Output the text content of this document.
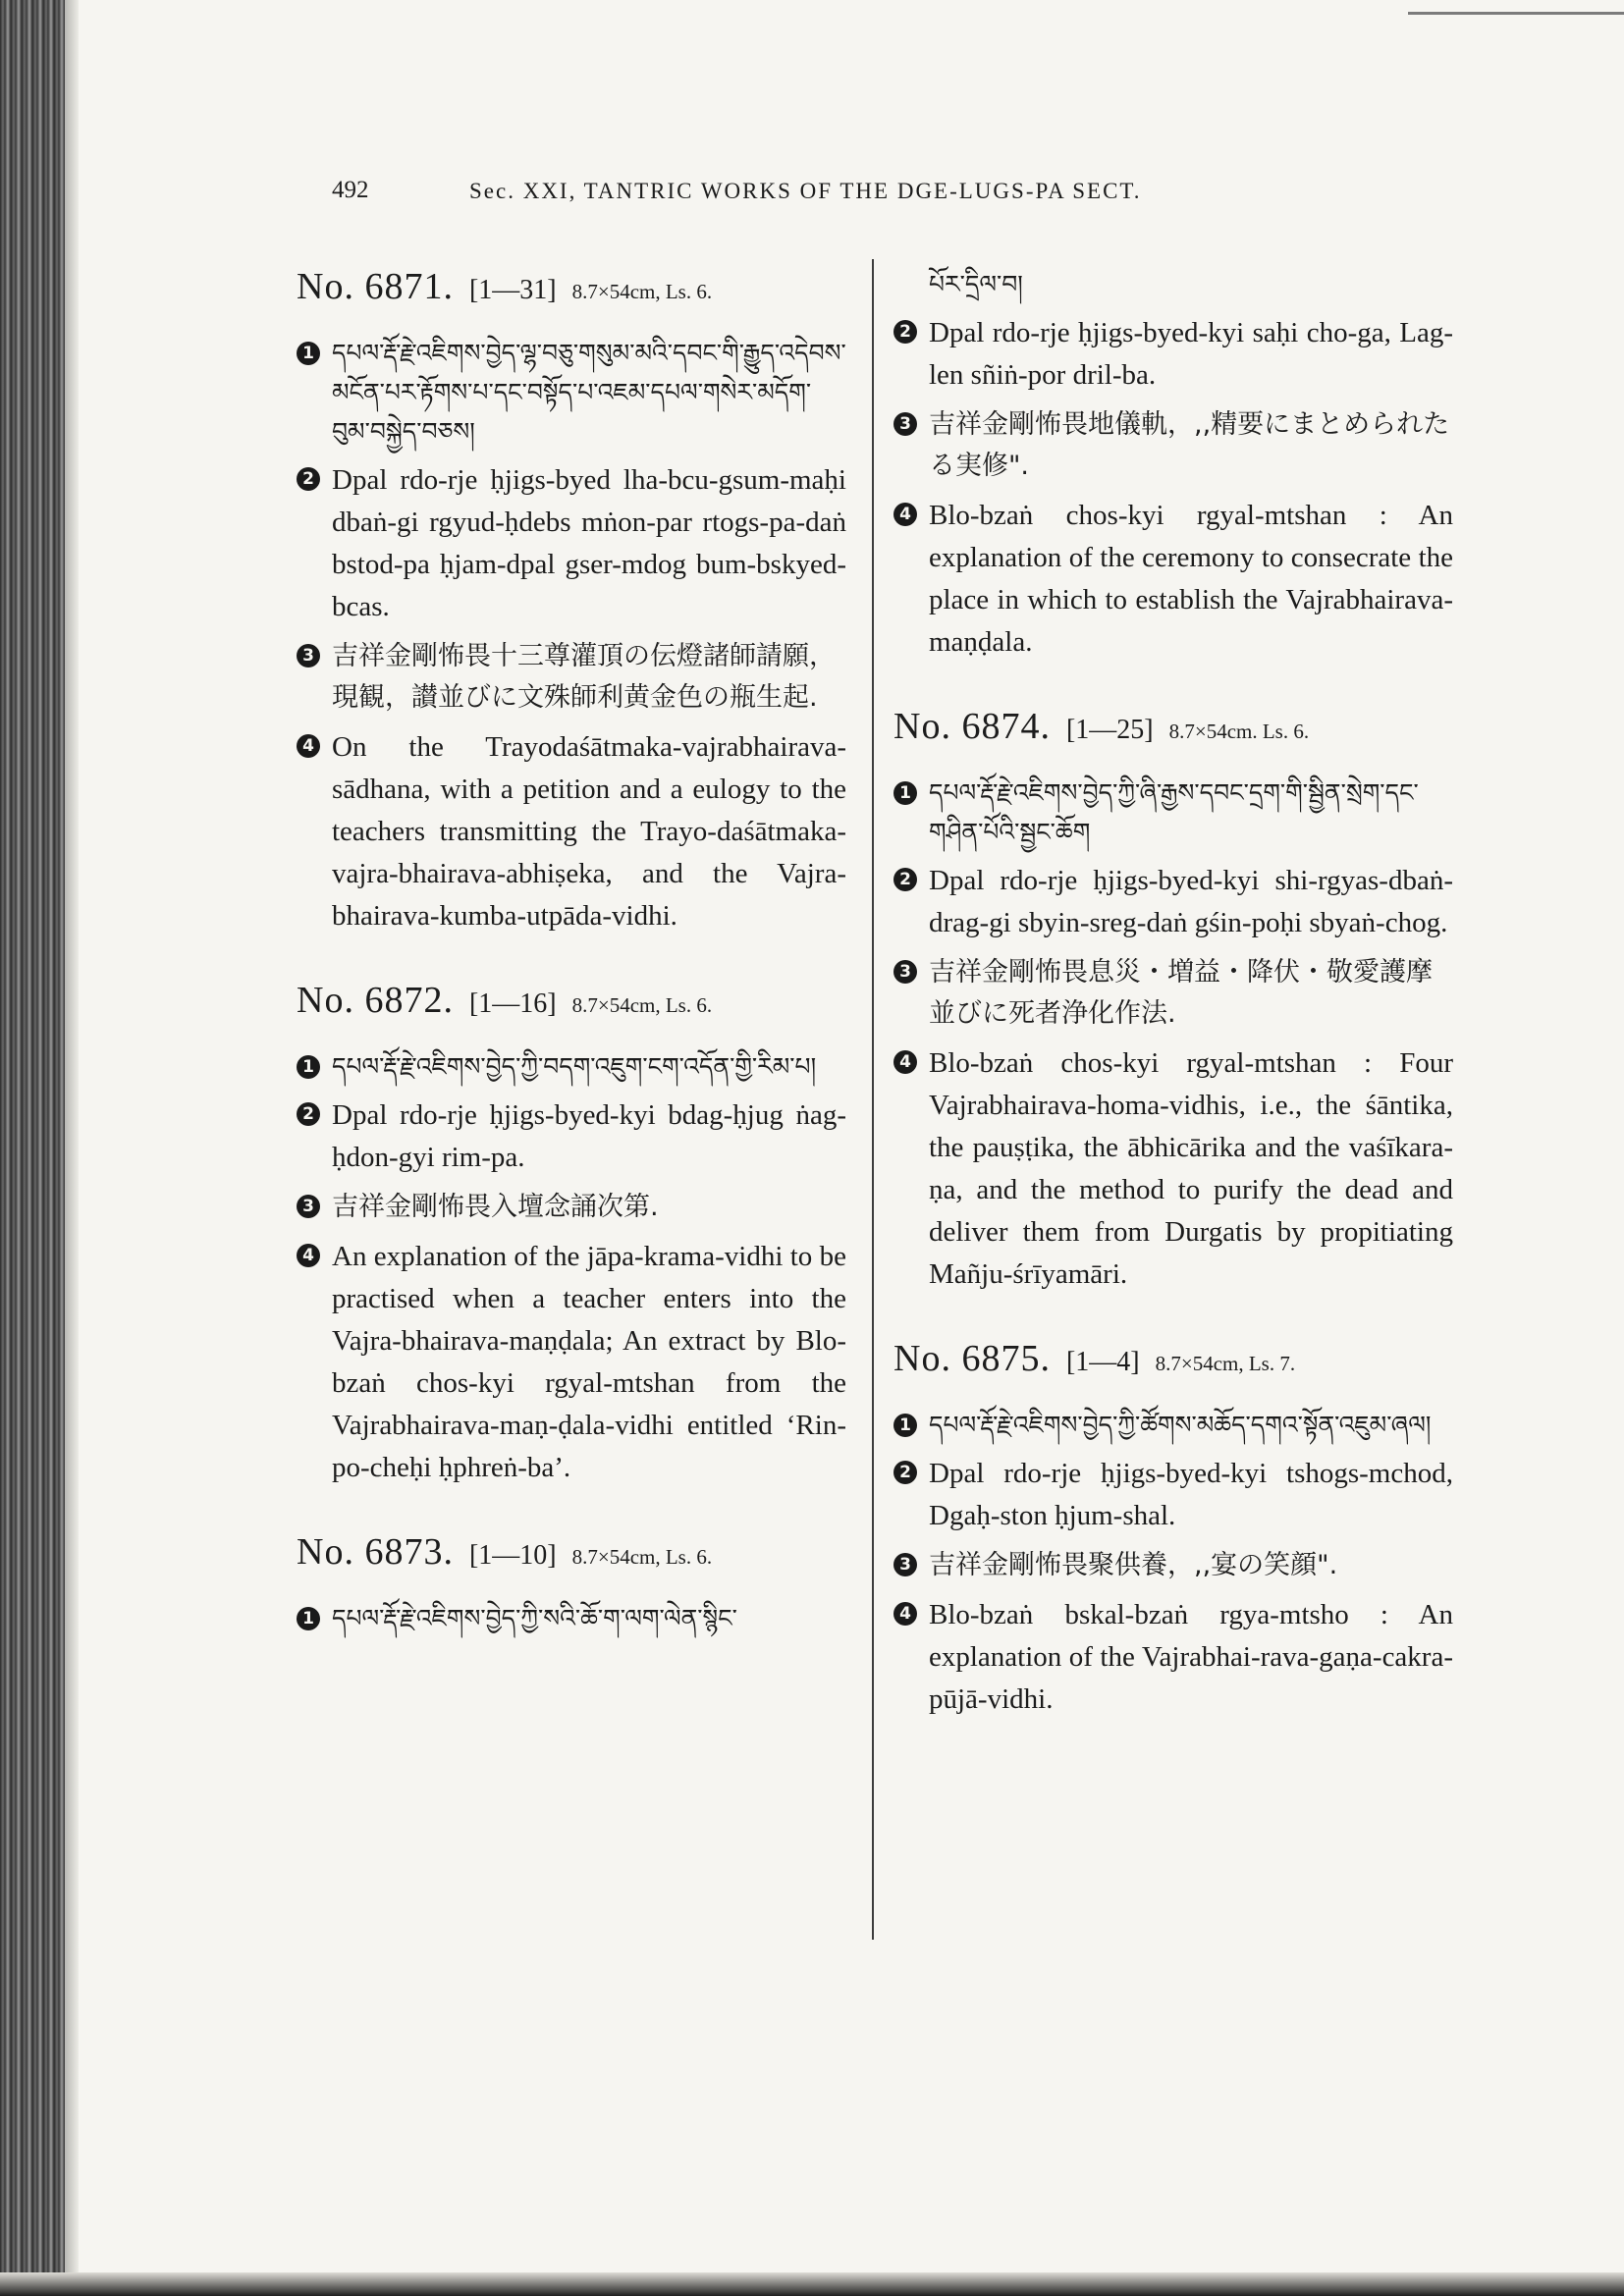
492	Sec. XXI, TANTRIC WORKS OF THE DGE-LUGS-PA SECT.
No. 6871. [1—31] 8.7×54cm, Ls. 6.
1 དཔལ་རྡོ་རྗེ་འཇིགས་བྱེད་ལྷ་བཅུ་གསུམ་མའི་དབང་གི་རྒྱུད་འདེབས་མངོན་པར་རྟོགས་པ་དང་བསྟོད་པ་འཇམ་དཔལ་གསེར་མདོག་བུམ་བསྐྱེད་བཅས།
2 Dpal rdo-rje ḥjigs-byed lha-bcu-gsum-maḥi dbaṅ-gi rgyud-ḥdebs mṅon-par rtogs-pa-daṅ bstod-pa ḥjam-dpal gser-mdog bum-bskyed-bcas.
3 吉祥金剛怖畏十三尊灌頂の伝燈諸師請願，現観，讃並びに文殊師利黄金色の瓶生起.
4 On the Trayodaśātmaka-vajrabhairava-sādhana, with a petition and a eulogy to the teachers transmitting the Trayo-daśātmaka-vajra-bhairava-abhiṣeka, and the Vajra-bhairava-kumba-utpāda-vidhi.
No. 6872. [1—16] 8.7×54cm, Ls. 6.
1 དཔལ་རྡོ་རྗེ་འཇིགས་བྱེད་ཀྱི་བདག་འཇུག་ངག་འདོན་གྱི་རིམ་པ།
2 Dpal rdo-rje ḥjigs-byed-kyi bdag-ḥjug ṅag-ḥdon-gyi rim-pa.
3 吉祥金剛怖畏入壇念誦次第.
4 An explanation of the jāpa-krama-vidhi to be practised when a teacher enters into the Vajra-bhairava-maṇḍala; An extract by Blo-bzaṅ chos-kyi rgyal-mtshan from the Vajrabhairava-maṇ-ḍala-vidhi entitled ‘Rin-po-cheḥi ḥphreṅ-ba’.
No. 6873. [1—10] 8.7×54cm, Ls. 6.
1 དཔལ་རྡོ་རྗེ་འཇིགས་བྱེད་ཀྱི་སའི་ཆོ་ག་ལག་ལེན་སྙིང་
པོར་དྲིལ་བ།
2 Dpal rdo-rje ḥjigs-byed-kyi saḥi cho-ga, Lag-len sñiṅ-por dril-ba.
3 吉祥金剛怖畏地儀軌，,,精要にまとめられたる実修".
4 Blo-bzaṅ chos-kyi rgyal-mtshan : An explanation of the ceremony to consecrate the place in which to establish the Vajrabhairava-maṇḍala.
No. 6874. [1—25] 8.7×54cm. Ls. 6.
1 དཔལ་རྡོ་རྗེ་འཇིགས་བྱེད་ཀྱི་ཞི་རྒྱས་དབང་དྲག་གི་སྦྱིན་སྲེག་དང་གཤིན་པོའི་སྦྱང་ཆོག
2 Dpal rdo-rje ḥjigs-byed-kyi shi-rgyas-dbaṅ-drag-gi sbyin-sreg-daṅ gśin-poḥi sbyaṅ-chog.
3 吉祥金剛怖畏息災・増益・降伏・敬愛護摩並びに死者浄化作法.
4 Blo-bzaṅ chos-kyi rgyal-mtshan : Four Vajrabhairava-homa-vidhis, i.e., the śāntika, the pauṣṭika, the ābhicārika and the vaśīkara-ṇa, and the method to purify the dead and deliver them from Durgatis by propitiating Mañju-śrīyamāri.
No. 6875. [1—4] 8.7×54cm, Ls. 7.
1 དཔལ་རྡོ་རྗེ་འཇིགས་བྱེད་ཀྱི་ཚོགས་མཆོད་དགའ་སྟོན་འཇུམ་ཞལ།
2 Dpal rdo-rje ḥjigs-byed-kyi tshogs-mchod, Dgaḥ-ston ḥjum-shal.
3 吉祥金剛怖畏聚供養，,,宴の笑顔".
4 Blo-bzaṅ bskal-bzaṅ rgya-mtsho : An explanation of the Vajrabhai-rava-gaṇa-cakra-pūjā-vidhi.
